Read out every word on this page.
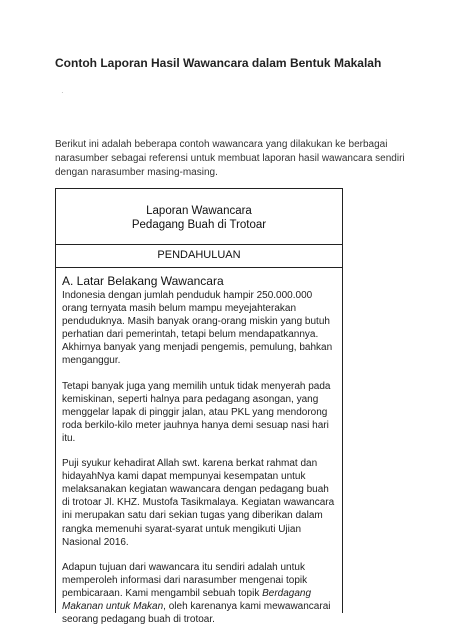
Contoh Laporan Hasil Wawancara dalam Bentuk Makalah
·
Berikut ini adalah beberapa contoh wawancara yang dilakukan ke berbagai narasumber sebagai referensi untuk membuat laporan hasil wawancara sendiri dengan narasumber masing-masing.
Laporan Wawancara
Pedagang Buah di Trotoar
PENDAHULUAN
A. Latar Belakang Wawancara

Indonesia dengan jumlah penduduk hampir 250.000.000 orang ternyata masih belum mampu meyejahterakan penduduknya. Masih banyak orang-orang miskin yang butuh perhatian dari pemerintah, tetapi belum mendapatkannya. Akhirnya banyak yang menjadi pengemis, pemulung, bahkan menganggur.

Tetapi banyak juga yang memilih untuk tidak menyerah pada kemiskinan, seperti halnya para pedagang asongan, yang menggelar lapak di pinggir jalan, atau PKL yang mendorong roda berkilo-kilo meter jauhnya hanya demi sesuap nasi hari itu.

Puji syukur kehadirat Allah swt. karena berkat rahmat dan hidayahNya kami dapat mempunyai kesempatan untuk melaksanakan kegiatan wawancara dengan pedagang buah di trotoar Jl. KHZ. Mustofa Tasikmalaya. Kegiatan wawancara ini merupakan satu dari sekian tugas yang diberikan dalam rangka memenuhi syarat-syarat untuk mengikuti Ujian Nasional 2016.

Adapun tujuan dari wawancara itu sendiri adalah untuk memperoleh informasi dari narasumber mengenai topik pembicaraan. Kami mengambil sebuah topik Berdagang Makanan untuk Makan, oleh karenanya kami mewawancarai seorang pedagang buah di trotoar.
